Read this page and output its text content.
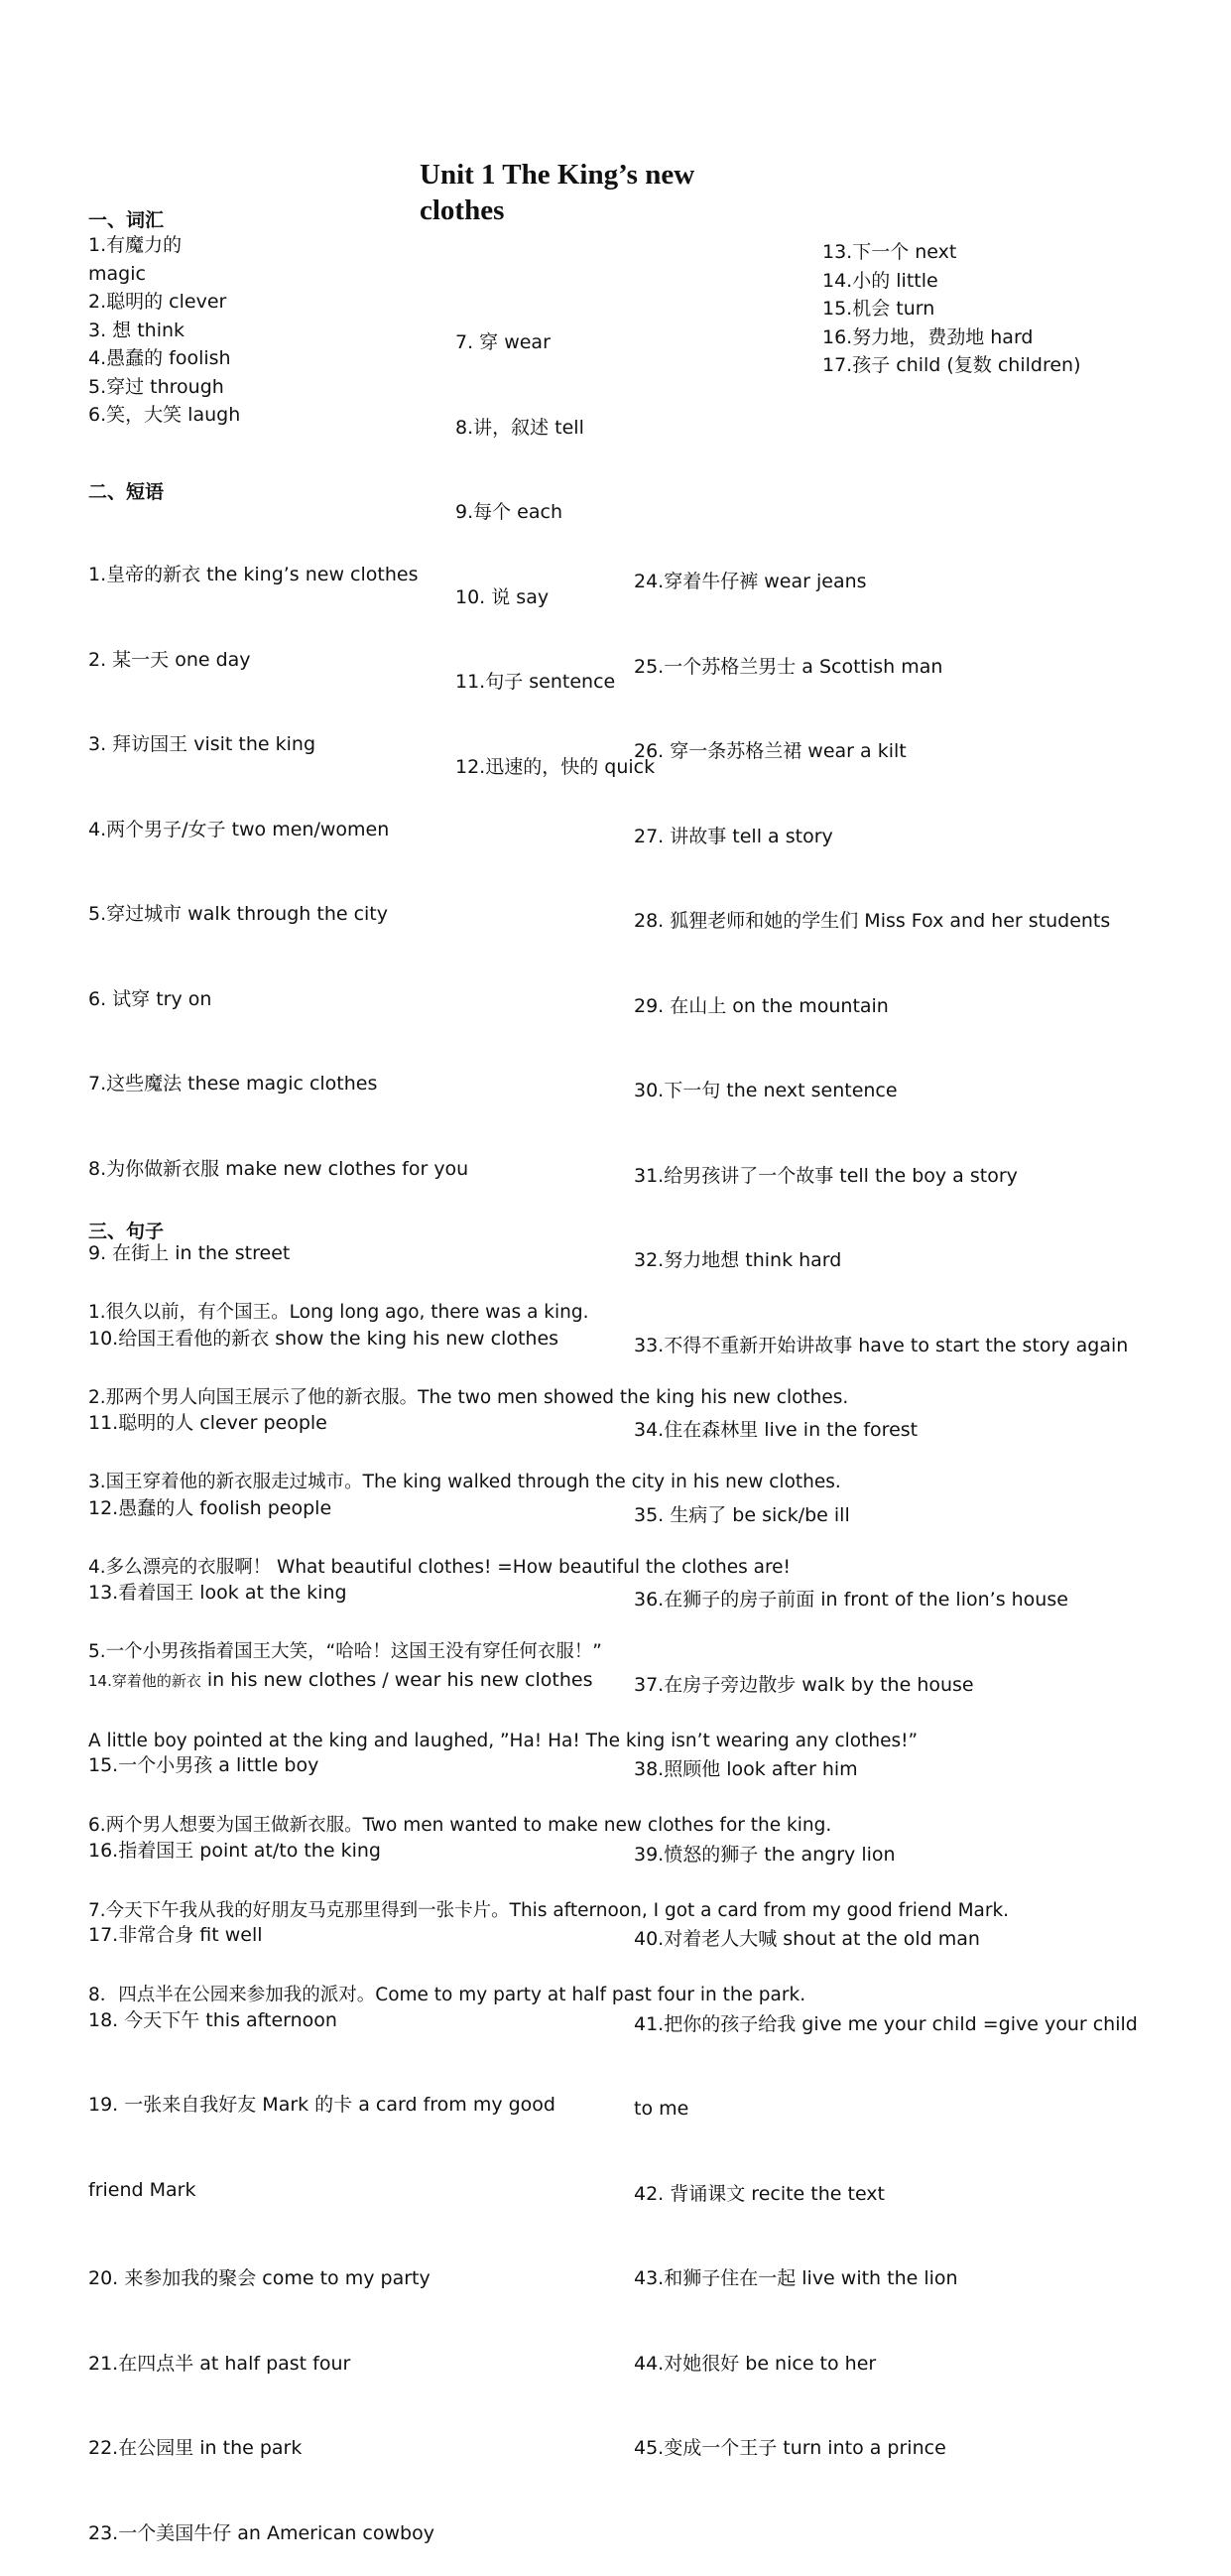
Unit 1 The King’s new clothes
一、词汇
1.有魔力的
magic
2.聪明的 clever
3. 想 think
4.愚蠢的 foolish
5.穿过 through
6.笑，大笑 laugh

7. 穿 wear

8.讲，叙述 tell

9.每个 each

10. 说 say

11.句子 sentence

12.迅速的，快的 quick

13.下一个 next
14.小的 little
15.机会 turn
16.努力地，费劲地 hard
17.孩子 child (复数 children)
二、短语

1.皇帝的新衣 the king’s new clothes

2. 某一天 one day

3. 拜访国王 visit the king

4.两个男子/女子 two men/women

5.穿过城市 walk through the city

6. 试穿 try on

7.这些魔法 these magic clothes

8.为你做新衣服 make new clothes for you

9. 在街上 in the street

10.给国王看他的新衣 show the king his new clothes

11.聪明的人 clever people

12.愚蠢的人 foolish people

13.看着国王 look at the king

14.穿着他的新衣 in his new clothes / wear his new clothes

15.一个小男孩 a little boy

16.指着国王 point at/to the king

17.非常合身 fit well

18. 今天下午 this afternoon

19. 一张来自我好友 Mark 的卡 a card from my good

friend Mark

20. 来参加我的聚会 come to my party

21.在四点半 at half past four

22.在公园里 in the park

23.一个美国牛仔 an American cowboy

24.穿着牛仔裤 wear jeans

25.一个苏格兰男士 a Scottish man

26. 穿一条苏格兰裙 wear a kilt

27. 讲故事 tell a story

28. 狐狸老师和她的学生们 Miss Fox and her students

29. 在山上 on the mountain

30.下一句 the next sentence

31.给男孩讲了一个故事 tell the boy a story

32.努力地想 think hard

33.不得不重新开始讲故事 have to start the story again

34.住在森林里 live in the forest

35. 生病了 be sick/be ill

36.在狮子的房子前面 in front of the lion’s house

37.在房子旁边散步 walk by the house

38.照顾他 look after him

39.愤怒的狮子 the angry lion

40.对着老人大喊 shout at the old man

41.把你的孩子给我 give me your child =give your child

to me

42. 背诵课文 recite the text

43.和狮子住在一起 live with the lion

44.对她很好 be nice to her

45.变成一个王子 turn into a prince

三、句子

1.很久以前，有个国王。Long long ago, there was a king.

2.那两个男人向国王展示了他的新衣服。The two men showed the king his new clothes.

3.国王穿着他的新衣服走过城市。The king walked through the city in his new clothes.

4.多么漂亮的衣服啊！ What beautiful clothes! =How beautiful the clothes are!

5.一个小男孩指着国王大笑，“哈哈！这国王没有穿任何衣服！”

A little boy pointed at the king and laughed, ”Ha! Ha! The king isn’t wearing any clothes!”

6.两个男人想要为国王做新衣服。Two men wanted to make new clothes for the king.

7.今天下午我从我的好朋友马克那里得到一张卡片。This afternoon, I got a card from my good friend Mark.

8．四点半在公园来参加我的派对。Come to my party at half past four in the park.
